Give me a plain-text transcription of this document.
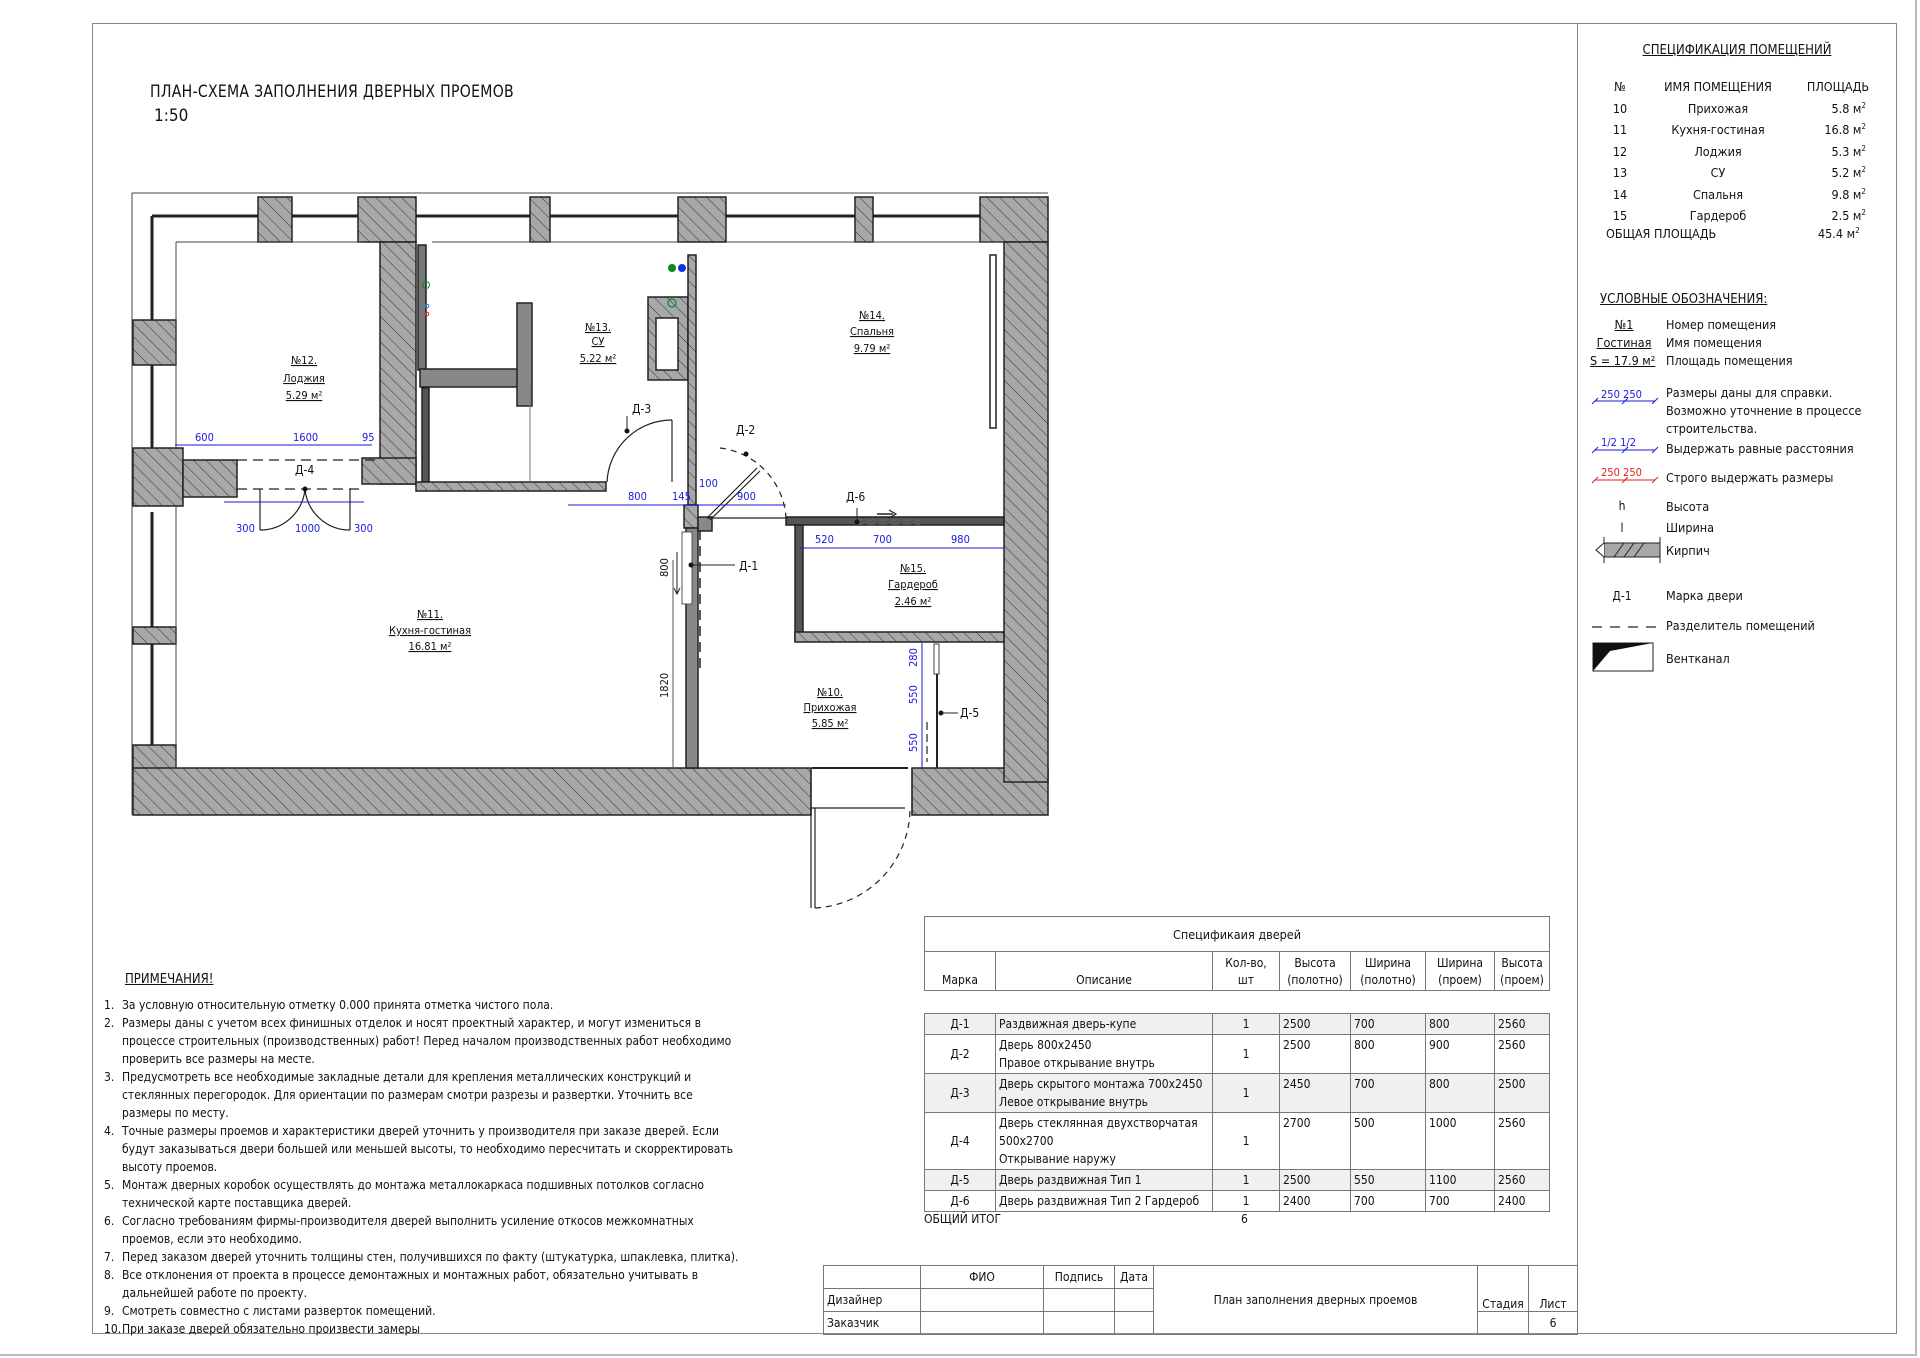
ПЛАН-СХЕМА ЗАПОЛНЕНИЯ ДВЕРНЫХ ПРОЕМОВ
1:50
№12.
Лоджия
5.29 м²
№13.
СУ
5.22 м²
№14.
Спальня
9.79 м²
№11.
Кухня-гостиная
16.81 м²
№15.
Гардероб
2.46 м²
№10.
Прихожая
5.85 м²
Д-1
Д-2
Д-3
Д-4
Д-5
Д-6
600	1600	95
300	1000	300
800 145
100
900
520	700	980
280
550
550
800
1820
СПЕЦИФИКАЦИЯ ПОМЕЩЕНИЙ
№	ИМЯ ПОМЕЩЕНИЯ	ПЛОЩАДЬ
10	Прихожая	5.8 $м^2$
11	Кухня-гостиная	16.8 $м^2$
12	Лоджия	5.3 $м^2$
13	СУ	5.2 $м^2$
14	Спальня	9.8 $м^2$
15	Гардероб	2.5 $м^2$
ОБЩАЯ ПЛОЩАДЬ	45.4 $м^2$
УСЛОВНЫЕ ОБОЗНАЧЕНИЯ:
№1
Гостиная
S = 17.9 м²
Номер помещения
Имя помещения
Площадь помещения
250 250
1/2 1/2
250 250
h
l
Д-1
Размеры даны для справки. Возможно уточнение в процессе строительства.
Выдержать равные расстояния
Строго выдержать размеры
Высота
Ширина
Кирпич
Марка двери
Разделитель помещений
Вентканал
ПРИМЕЧАНИЯ!
1. За условную относительную отметку 0.000 принята отметка чистого пола.
2. Размеры даны с учетом всех финишных отделок и носят проектный характер, и могут измениться в процессе строительных (производственных) работ! Перед началом производственных работ необходимо проверить все размеры на месте.
3. Предусмотреть все необходимые закладные детали для крепления металлических конструкций и стеклянных перегородок. Для ориентации по размерам смотри разрезы и развертки. Уточнить все размеры по месту.
4. Точные размеры проемов и характеристики дверей уточнить у производителя при заказе дверей. Если будут заказываться двери большей или меньшей высоты, то необходимо пересчитать и скорректировать высоту проемов.
5. Монтаж дверных коробок осуществлять до монтажа металлокаркаса подшивных потолков согласно технической карте поставщика дверей.
6. Согласно требованиям фирмы-производителя дверей выполнить усиление откосов межкомнатных проемов, если это необходимо.
7. Перед заказом дверей уточнить толщины стен, получившихся по факту (штукатурка, шпаклевка, плитка).
8. Все отклонения от проекта в процессе демонтажных и монтажных работ, обязательно учитывать в дальнейшей работе по проекту.
9. Смотреть совместно с листами разверток помещений.
10. При заказе дверей обязательно произвести замеры
Спецификаия дверей						
Марка	Описание	Кол-во, шт	Высота (полотно)	Ширина (полотно)	Ширина (проем)	Высота (проем)

Д-1	Раздвижная дверь-купе	1	2500	700	800	2560
Д-2	Дверь 800х2450
Правое открывание внутрь	1	2500	800	900	2560
Д-3	Дверь скрытого монтажа 700х2450
Левое открывание внутрь	1	2450	700	800	2500
Д-4	Дверь стеклянная двухстворчатая
500х2700
Открывание наружу	1	2700	500	1000	2560
Д-5	Дверь раздвижная Тип 1	1	2500	550	1100	2560
Д-6	Дверь раздвижная Тип 2 Гардероб	1	2400	700	700	2400
ОБЩИЙ ИТОГ	6
	ФИО	Подпись	Дата	План заполнения дверных проемов	Стадия	Лист
Дизайнер						
Заказчик						6
